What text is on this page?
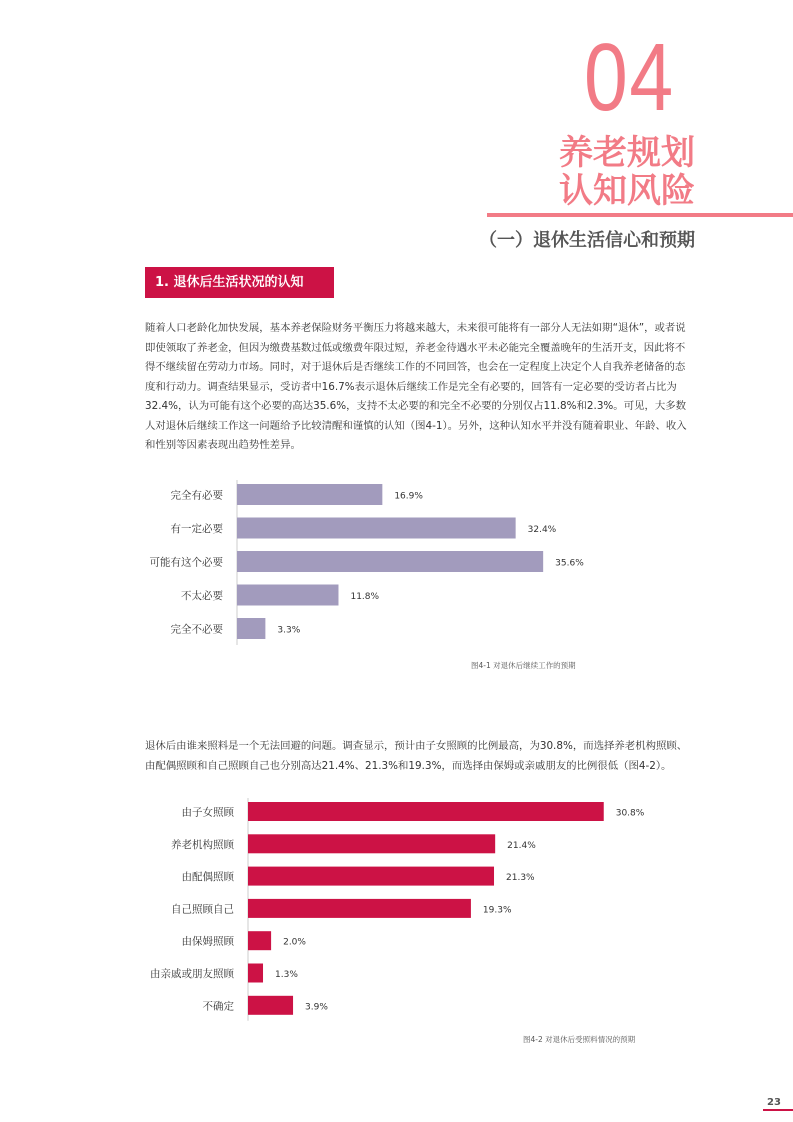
04
养老规划
认知风险
（一）退休生活信心和预期
1. 退休后生活状况的认知

随着人口老龄化加快发展，基本养老保险财务平衡压力将越来越大，未来很可能将有一部分人无法如期“退休”，或者说即使领取了养老金，但因为缴费基数过低或缴费年限过短，养老金待遇水平未必能完全覆盖晚年的生活开支，因此将不得不继续留在劳动力市场。同时，对于退休后是否继续工作的不同回答，也会在一定程度上决定个人自我养老储备的态度和行动力。调查结果显示，受访者中16.7%表示退休后继续工作是完全有必要的，回答有一定必要的受访者占比为32.4%，认为可能有这个必要的高达35.6%，支持不太必要的和完全不必要的分别仅占11.8%和2.3%。可见，大多数人对退休后继续工作这一问题给予比较清醒和谨慎的认知（图4-1）。另外，这种认知水平并没有随着职业、年龄、收入和性别等因素表现出趋势性差异。

完全有必要	16.9%
有一定必要	32.4%
可能有这个必要	35.6%
不太必要	11.8%
完全不必要	3.3%
图4-1 对退休后继续工作的预期

退休后由谁来照料是一个无法回避的问题。调查显示，预计由子女照顾的比例最高，为30.8%，而选择养老机构照顾、由配偶照顾和自己照顾自己也分别高达21.4%、21.3%和19.3%，而选择由保姆或亲戚朋友的比例很低（图4-2）。

由子女照顾	30.8%
养老机构照顾	21.4%
由配偶照顾	21.3%
自己照顾自己	19.3%
由保姆照顾	2.0%
由亲戚或朋友照顾	1.3%
不确定	3.9%
图4-2 对退休后受照料情况的预期
23
